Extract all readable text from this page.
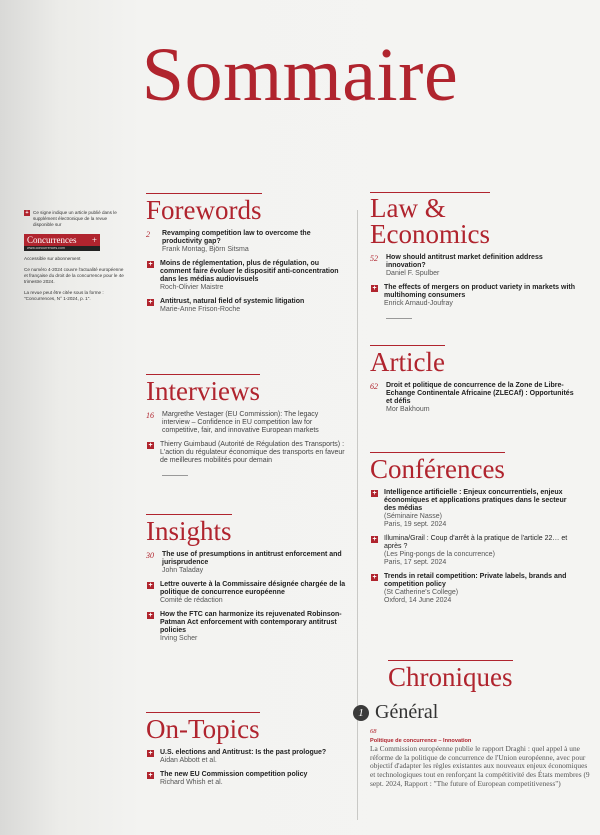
Sommaire
+ Ce signe indique un article publié dans le supplément électronique de la revue disponible sur
Concurrences +
www.concurrences.com
Accessible sur abonnement
Ce numéro 4-2024 couvre l'actualité européenne et française du droit de la concurrence pour le 4e trimestre 2024.
La revue peut être citée sous la forme : "Concurrences, N° 1-2024, p. 1".
Forewords
2	Revamping competition law to overcome the productivity gap?
Frank Montag, Björn Sitsma
+ Moins de réglementation, plus de régulation, ou comment faire évoluer le dispositif anti-concentration dans les médias audiovisuels
Roch-Olivier Maistre
+ Antitrust, natural field of systemic litigation
Marie-Anne Frison-Roche
Interviews
16 Margrethe Vestager (EU Commission): The legacy interview – Confidence in EU competition law for competitive, fair, and innovative European markets
+ Thierry Guimbaud (Autorité de Régulation des Transports) : L'action du régulateur économique des transports en faveur de meilleures mobilités pour demain
Insights
30 The use of presumptions in antitrust enforcement and jurisprudence
John Taladay
+ Lettre ouverte à la Commissaire désignée chargée de la politique de concurrence européenne
Comité de rédaction
+ How the FTC can harmonize its rejuvenated Robinson-Patman Act enforcement with contemporary antitrust policies
Irving Scher
On-Topics
+ U.S. elections and Antitrust: Is the past prologue?
Aidan Abbott et al.
+ The new EU Commission competition policy
Richard Whish et al.
Law & Economics
52 How should antitrust market definition address innovation?
Daniel F. Spulber
+ The effects of mergers on product variety in markets with multihoming consumers
Enrick Arnaud-Joufray
Article
62 Droit et politique de concurrence de la Zone de Libre-Echange Continentale Africaine (ZLECAf) : Opportunités et défis
Mor Bakhoum
Conférences
+ Intelligence artificielle : Enjeux concurrentiels, enjeux économiques et applications pratiques dans le secteur des médias
(Séminaire Nasse)
Paris, 19 sept. 2024
+ Illumina/Grail : Coup d'arrêt à la pratique de l'article 22… et après ?
(Les Ping-pongs de la concurrence)
Paris, 17 sept. 2024
+ Trends in retail competition: Private labels, brands and competition policy
(St Catherine's College)
Oxford, 14 June 2024
Chroniques
1 Général
68
Politique de concurrence – Innovation
La Commission européenne publie le rapport Draghi : quel appel à une réforme de la politique de concurrence de l'Union européenne, avec pour objectif d'adapter les règles existantes aux nouveaux enjeux économiques et technologiques tout en renforçant la compétitivité des États membres (9 sept. 2024, Rapport : "The future of European competitiveness")
